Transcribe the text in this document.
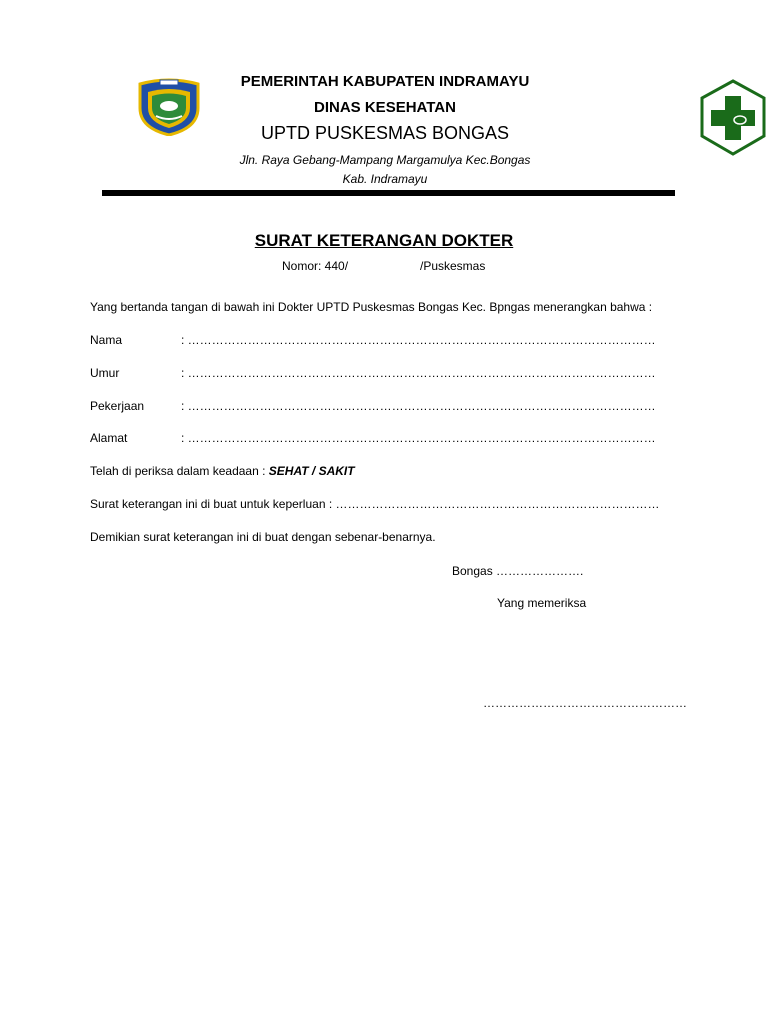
PEMERINTAH KABUPATEN INDRAMAYU
DINAS KESEHATAN
UPTD PUSKESMAS BONGAS
Jln. Raya Gebang-Mampang Margamulya Kec.Bongas
Kab. Indramayu
SURAT KETERANGAN DOKTER
Nomor: 440/	/Puskesmas
Yang bertanda tangan di bawah ini Dokter UPTD Puskesmas Bongas Kec. Bpngas menerangkan bahwa :
Nama	: ………………………………………………………………………………………………………
Umur	: ………………………………………………………………………………………………………
Pekerjaan	: ………………………………………………………………………………………………………
Alamat	: ………………………………………………………………………………………………………
Telah di periksa dalam keadaan : SEHAT / SAKIT
Surat keterangan ini di buat untuk keperluan : ………………………………………………………………………
Demikian surat keterangan ini di buat dengan sebenar-benarnya.
Bongas ………………….
Yang memeriksa
……………………………………………
